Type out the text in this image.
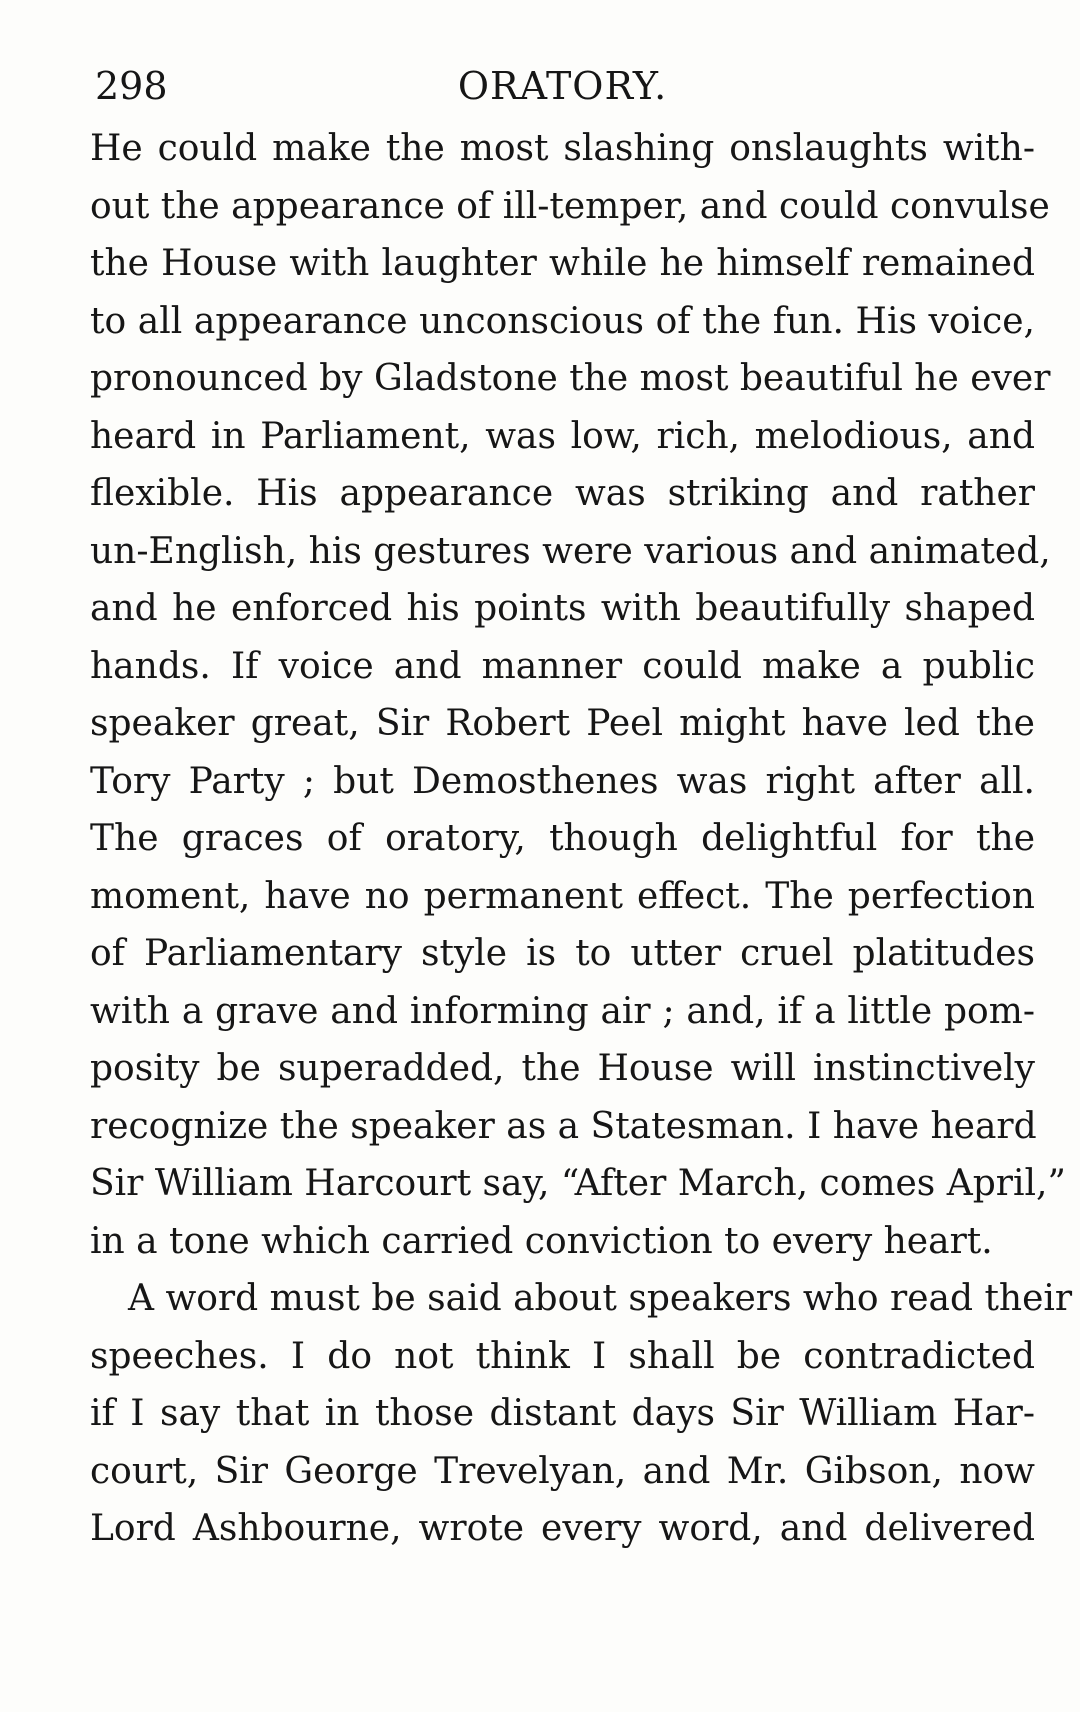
298	ORATORY.
He could make the most slashing onslaughts with-
out the appearance of ill-temper, and could convulse
the House with laughter while he himself remained
to all appearance unconscious of the fun. His voice,
pronounced by Gladstone the most beautiful he ever
heard in Parliament, was low, rich, melodious, and
flexible. His appearance was striking and rather
un-English, his gestures were various and animated,
and he enforced his points with beautifully shaped
hands. If voice and manner could make a public
speaker great, Sir Robert Peel might have led the
Tory Party ; but Demosthenes was right after all.
The graces of oratory, though delightful for the
moment, have no permanent effect. The perfection
of Parliamentary style is to utter cruel platitudes
with a grave and informing air ; and, if a little pom-
posity be superadded, the House will instinctively
recognize the speaker as a Statesman. I have heard
Sir William Harcourt say, “After March, comes April,”
in a tone which carried conviction to every heart.
A word must be said about speakers who read their
speeches. I do not think I shall be contradicted
if I say that in those distant days Sir William Har-
court, Sir George Trevelyan, and Mr. Gibson, now
Lord Ashbourne, wrote every word, and delivered
